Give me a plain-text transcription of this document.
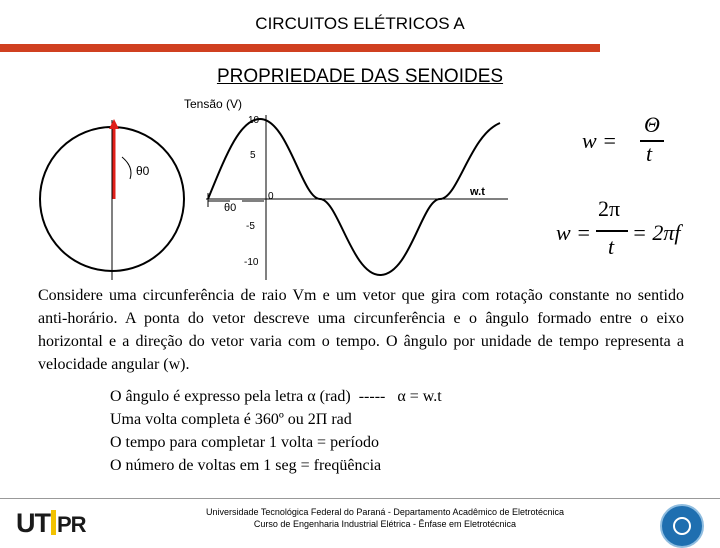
CIRCUITOS ELÉTRICOS A
PROPRIEDADE DAS SENOIDES
θ0
Tensão (V)
10
5
0
-5
-10
w.t
θ0
w =
Θ
t
w =
2π
t
= 2πf
Considere uma circunferência de raio Vm e um vetor que gira com rotação constante no sentido anti-horário. A ponta do vetor descreve uma circunferência e o ângulo formado entre o eixo horizontal e a direção do vetor varia com o tempo. O ângulo por unidade de tempo representa a velocidade angular (w).
O ângulo é expresso pela letra α (rad)  -----   α = w.t
Uma volta completa é 360º ou 2Π rad
O tempo para completar 1 volta = período
O número de voltas em 1 seg = freqüência
UT PR	Universidade Tecnológica Federal do Paraná - Departamento Acadêmico de Eletrotécnica
Curso de Engenharia Industrial Elétrica - Ênfase em Eletrotécnica
